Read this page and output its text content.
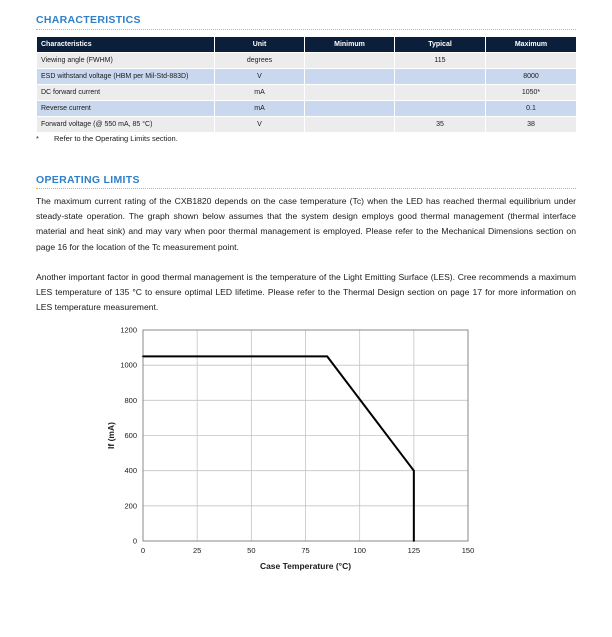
CHARACTERISTICS
Characteristics	Unit	Minimum	Typical	Maximum
Viewing angle (FWHM)	degrees		115	
ESD withstand voltage (HBM per Mil-Std-883D)	V			8000
DC forward current	mA			1050*
Reverse current	mA			0.1
Forward voltage (@ 550 mA, 85 °C)	V		35	38
* Refer to the Operating Limits section.
OPERATING LIMITS
The maximum current rating of the CXB1820 depends on the case temperature (Tc) when the LED has reached thermal equilibrium under steady-state operation. The graph shown below assumes that the system design employs good thermal management (thermal interface material and heat sink) and may vary when poor thermal management is employed. Please refer to the Mechanical Dimensions section on page 16 for the location of the Tc measurement point.
Another important factor in good thermal management is the temperature of the Light Emitting Surface (LES). Cree recommends a maximum LES temperature of 135 °C to ensure optimal LED lifetime. Please refer to the Thermal Design section on page 17 for more information on LES temperature measurement.
0	25	50	75	100	125	150
0
200
400
600
800
1000
1200
Case Temperature (°C)
If (mA)
